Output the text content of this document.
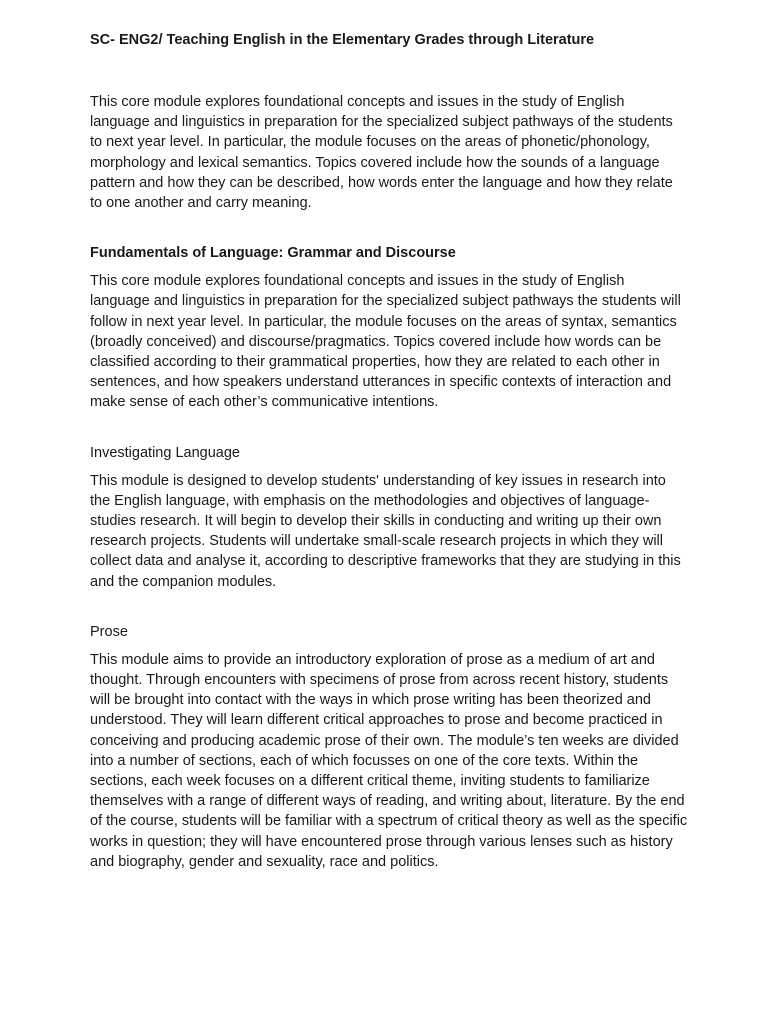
SC- ENG2/ Teaching English in the Elementary Grades through Literature

This core module explores foundational concepts and issues in the study of English language and linguistics in preparation for the specialized subject pathways of the students to next year level. In particular, the module focuses on the areas of phonetic/phonology, morphology and lexical semantics. Topics covered include how the sounds of a language pattern and how they can be described, how words enter the language and how they relate to one another and carry meaning.

Fundamentals of Language: Grammar and Discourse

This core module explores foundational concepts and issues in the study of English language and linguistics in preparation for the specialized subject pathways the students will follow in next year level. In particular, the module focuses on the areas of syntax, semantics (broadly conceived) and discourse/pragmatics. Topics covered include how words can be classified according to their grammatical properties, how they are related to each other in sentences, and how speakers understand utterances in specific contexts of interaction and make sense of each other’s communicative intentions.

Investigating Language

This module is designed to develop students' understanding of key issues in research into the English language, with emphasis on the methodologies and objectives of language-studies research. It will begin to develop their skills in conducting and writing up their own research projects. Students will undertake small-scale research projects in which they will collect data and analyse it, according to descriptive frameworks that they are studying in this and the companion modules.

Prose

This module aims to provide an introductory exploration of prose as a medium of art and thought. Through encounters with specimens of prose from across recent history, students will be brought into contact with the ways in which prose writing has been theorized and understood. They will learn different critical approaches to prose and become practiced in conceiving and producing academic prose of their own. The module’s ten weeks are divided into a number of sections, each of which focusses on one of the core texts. Within the sections, each week focuses on a different critical theme, inviting students to familiarize themselves with a range of different ways of reading, and writing about, literature. By the end of the course, students will be familiar with a spectrum of critical theory as well as the specific works in question; they will have encountered prose through various lenses such as history and biography, gender and sexuality, race and politics.
